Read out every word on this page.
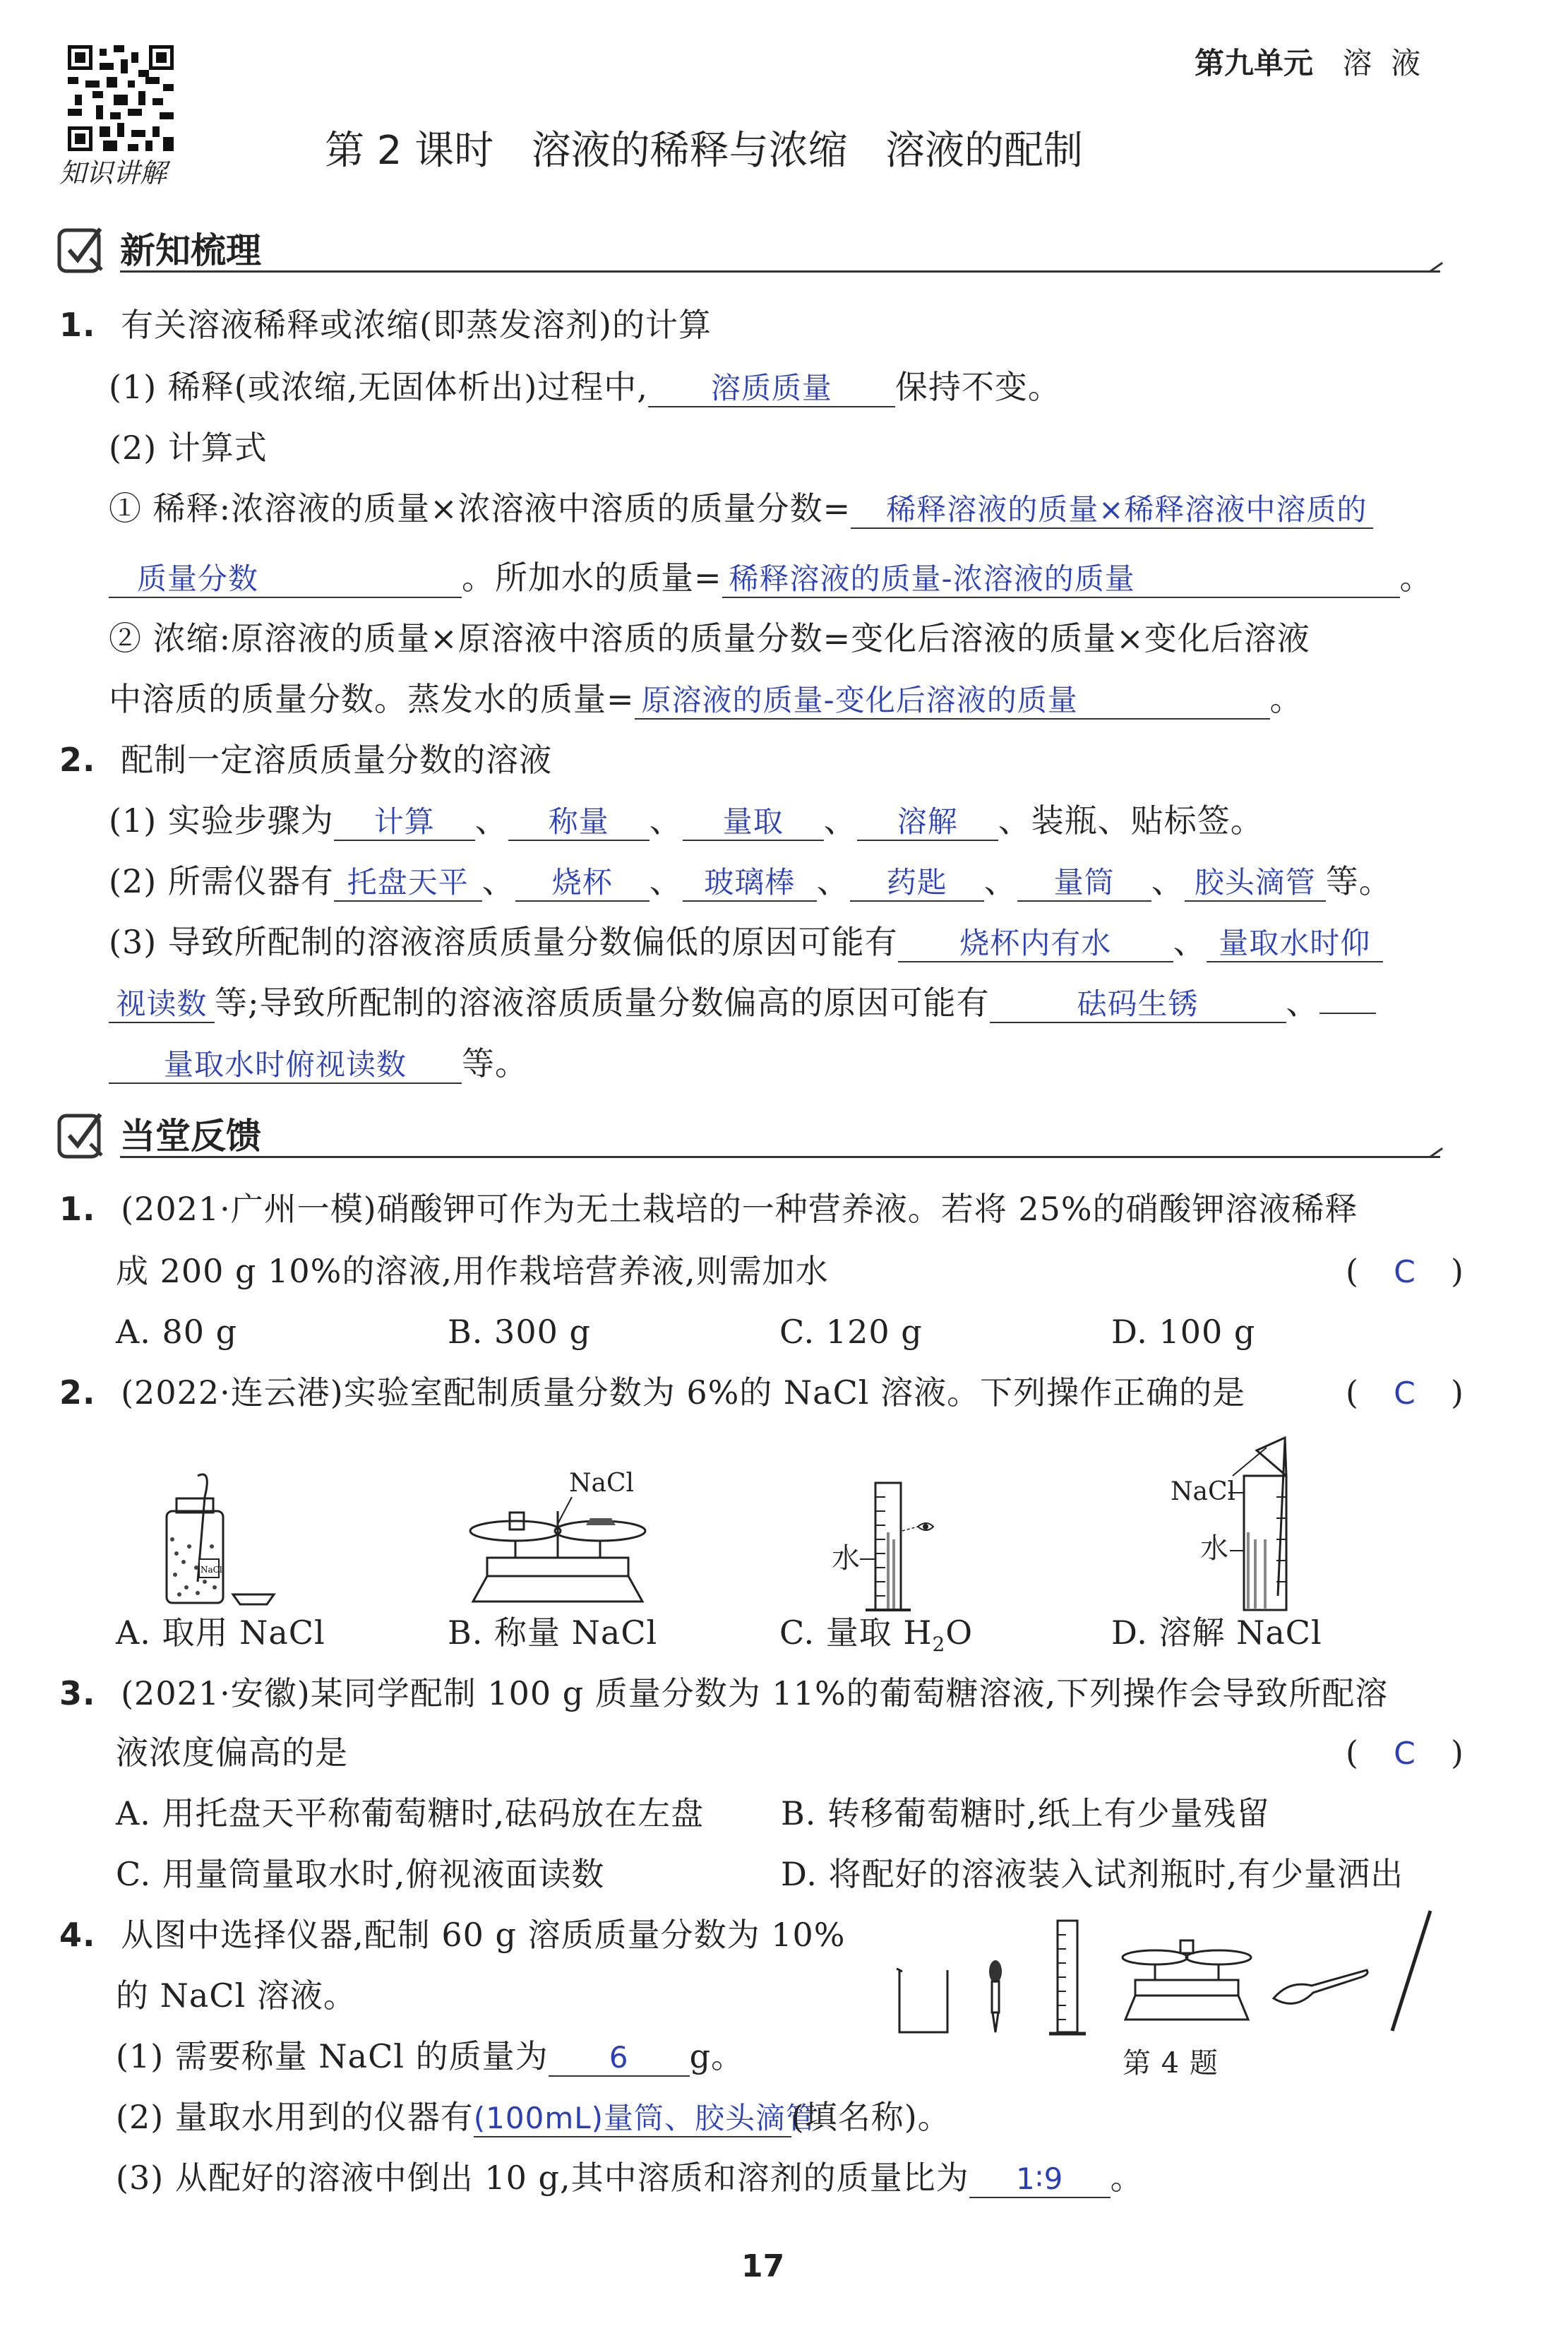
知识讲解
第九单元 溶  液
第 2 课时   溶液的稀释与浓缩   溶液的配制
新知梳理
1. 有关溶液稀释或浓缩(即蒸发溶剂)的计算
(1) 稀释(或浓缩,无固体析出)过程中, 溶质质量 保持不变。
(2) 计算式
① 稀释:浓溶液的质量×浓溶液中溶质的质量分数= 稀释溶液的质量×稀释溶液中溶质的
质量分数	。所加水的质量= 稀释溶液的质量-浓溶液的质量	。
② 浓缩:原溶液的质量×原溶液中溶质的质量分数=变化后溶液的质量×变化后溶液
中溶质的质量分数。蒸发水的质量= 原溶液的质量-变化后溶液的质量	。
2. 配制一定溶质质量分数的溶液
(1) 实验步骤为 计算 、 称量 、 量取 、 溶解 、装瓶、贴标签。
(2) 所需仪器有 托盘天平 、 烧杯 、 玻璃棒 、 药匙 、 量筒 、 胶头滴管 等。
(3) 导致所配制的溶液溶质质量分数偏低的原因可能有 烧杯内有水 、 量取水时仰
视读数 等;导致所配制的溶液溶质质量分数偏高的原因可能有	砝码生锈	、
量取水时俯视读数 等。
当堂反馈
1. (2021·广州一模)硝酸钾可作为无土栽培的一种营养液。若将 25%的硝酸钾溶液稀释
成 200 g 10%的溶液,用作栽培营养液,则需加水	( C )
A. 80 g	B. 300 g	C. 120 g	D. 100 g
2. (2022·连云港)实验室配制质量分数为 6%的 NaCl 溶液。下列操作正确的是	( C )
NaCl
NaCl
水
NaCl
水
A. 取用 NaCl	B. 称量 NaCl	C. 量取 $H_2O$	D. 溶解 NaCl
3. (2021·安徽)某同学配制 100 g 质量分数为 11%的葡萄糖溶液,下列操作会导致所配溶
液浓度偏高的是	( C )
A. 用托盘天平称葡萄糖时,砝码放在左盘 B. 转移葡萄糖时,纸上有少量残留
C. 用量筒量取水时,俯视液面读数	D. 将配好的溶液装入试剂瓶时,有少量洒出
4. 从图中选择仪器,配制 60 g 溶质质量分数为 10%
的 NaCl 溶液。
第 4 题
(1) 需要称量 NaCl 的质量为 6 g。
(2) 量取水用到的仪器有(100mL)量筒、胶头滴管(填名称)。
(3) 从配好的溶液中倒出 10 g,其中溶质和溶剂的质量比为 1∶9 。
17
